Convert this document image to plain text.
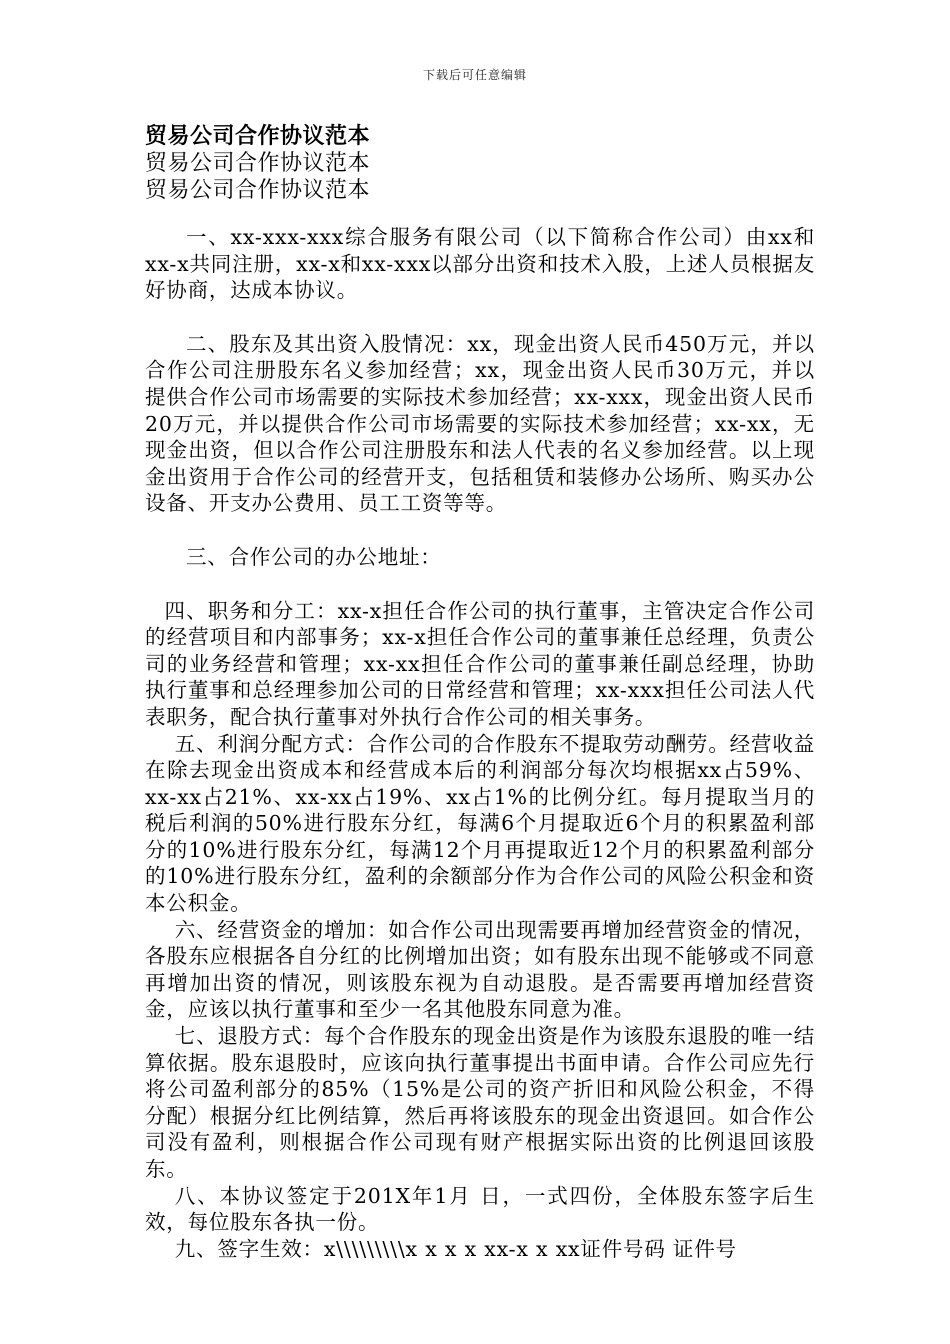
下载后可任意编辑

贸易公司合作协议范本

贸易公司合作协议范本

贸易公司合作协议范本

一、xx-xxx-xxx综合服务有限公司（以下简称合作公司）由xx和xx-x共同注册，xx-x和xx-xxx以部分出资和技术入股，上述人员根据友好协商，达成本协议。

二、股东及其出资入股情况：xx，现金出资人民币450万元，并以合作公司注册股东名义参加经营；xx，现金出资人民币30万元，并以提供合作公司市场需要的实际技术参加经营；xx-xxx，现金出资人民币20万元，并以提供合作公司市场需要的实际技术参加经营；xx-xx，无现金出资，但以合作公司注册股东和法人代表的名义参加经营。以上现金出资用于合作公司的经营开支，包括租赁和装修办公场所、购买办公设备、开支办公费用、员工工资等等。

三、合作公司的办公地址：

四、职务和分工：xx-x担任合作公司的执行董事，主管决定合作公司的经营项目和内部事务；xx-x担任合作公司的董事兼任总经理，负责公司的业务经营和管理；xx-xx担任合作公司的董事兼任副总经理，协助执行董事和总经理参加公司的日常经营和管理；xx-xxx担任公司法人代表职务，配合执行董事对外执行合作公司的相关事务。

五、利润分配方式：合作公司的合作股东不提取劳动酬劳。经营收益在除去现金出资成本和经营成本后的利润部分每次均根据xx占59%、xx-xx占21%、xx-xx占19%、xx占1%的比例分红。每月提取当月的税后利润的50%进行股东分红，每满6个月提取近6个月的积累盈利部分的10%进行股东分红，每满12个月再提取近12个月的积累盈利部分的10%进行股东分红，盈利的余额部分作为合作公司的风险公积金和资本公积金。

六、经营资金的增加：如合作公司出现需要再增加经营资金的情况，各股东应根据各自分红的比例增加出资；如有股东出现不能够或不同意再增加出资的情况，则该股东视为自动退股。是否需要再增加经营资金，应该以执行董事和至少一名其他股东同意为准。

七、退股方式：每个合作股东的现金出资是作为该股东退股的唯一结算依据。股东退股时，应该向执行董事提出书面申请。合作公司应先行将公司盈利部分的85%（15%是公司的资产折旧和风险公积金，不得分配）根据分红比例结算，然后再将该股东的现金出资退回。如合作公司没有盈利，则根据合作公司现有财产根据实际出资的比例退回该股东。

八、本协议签定于201X年1月 日，一式四份，全体股东签字后生效，每位股东各执一份。

九、签字生效：x\\\\\\\\\x x x x xx-x x xx证件号码 证件号
